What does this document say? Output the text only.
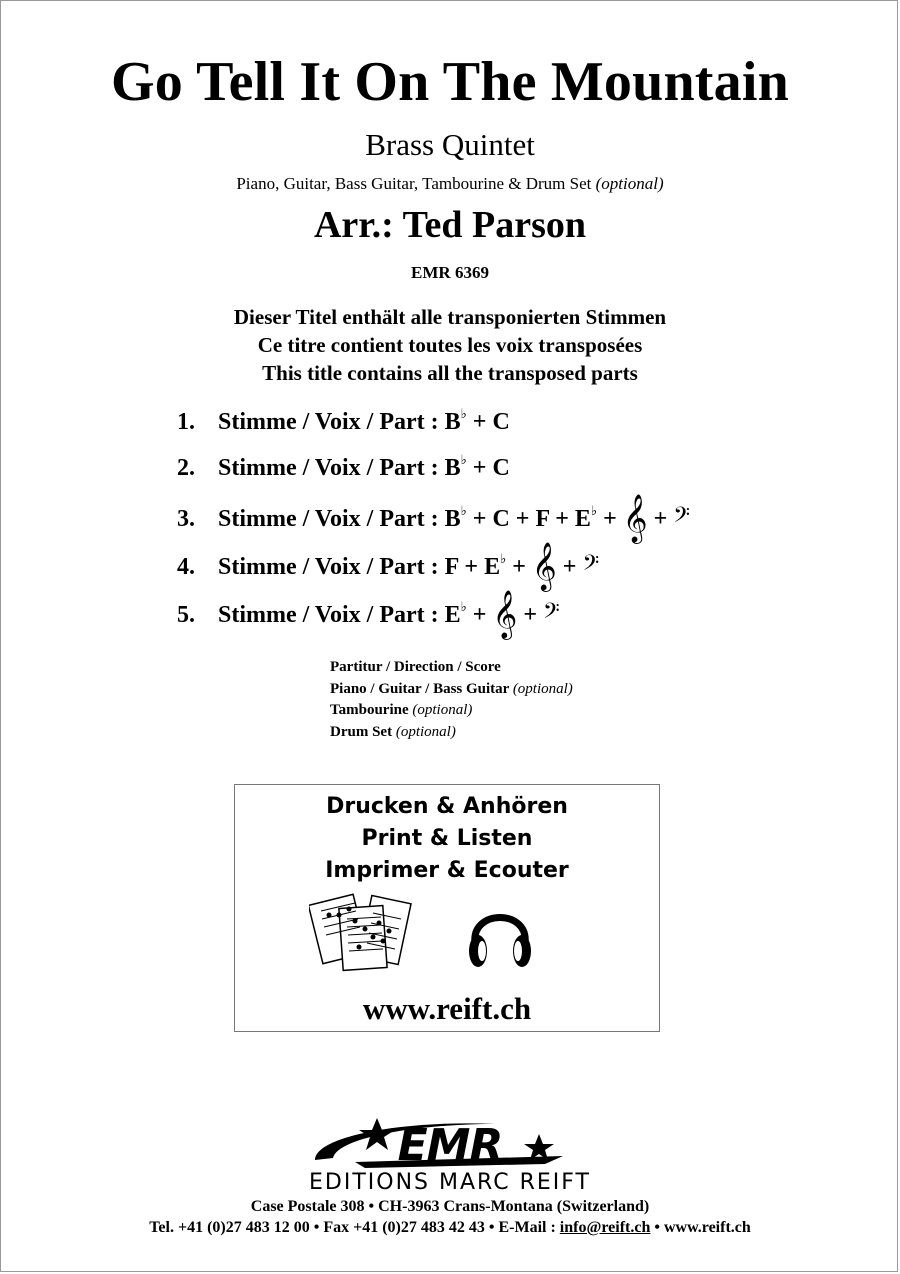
Go Tell It On The Mountain
Brass Quintet
Piano, Guitar, Bass Guitar, Tambourine & Drum Set (optional)
Arr.: Ted Parson
EMR 6369
Dieser Titel enthält alle transponierten Stimmen
Ce titre contient toutes les voix transposées
This title contains all the transposed parts
1. Stimme / Voix / Part : B♭ + C
2. Stimme / Voix / Part : B♭ + C
3. Stimme / Voix / Part : B♭ + C + F + E♭ + 𝄞 + 𝄢
4. Stimme / Voix / Part : F + E♭ + 𝄞 + 𝄢
5. Stimme / Voix / Part : E♭ + 𝄞 + 𝄢
Partitur / Direction / Score
Piano / Guitar / Bass Guitar (optional)
Tambourine (optional)
Drum Set (optional)
Drucken & Anhören
Print & Listen
Imprimer & Ecouter
www.reift.ch
EMR
EDITIONS MARC REIFT
Case Postale 308 • CH-3963 Crans-Montana (Switzerland)
Tel. +41 (0)27 483 12 00 • Fax +41 (0)27 483 42 43 • E-Mail : info@reift.ch • www.reift.ch
